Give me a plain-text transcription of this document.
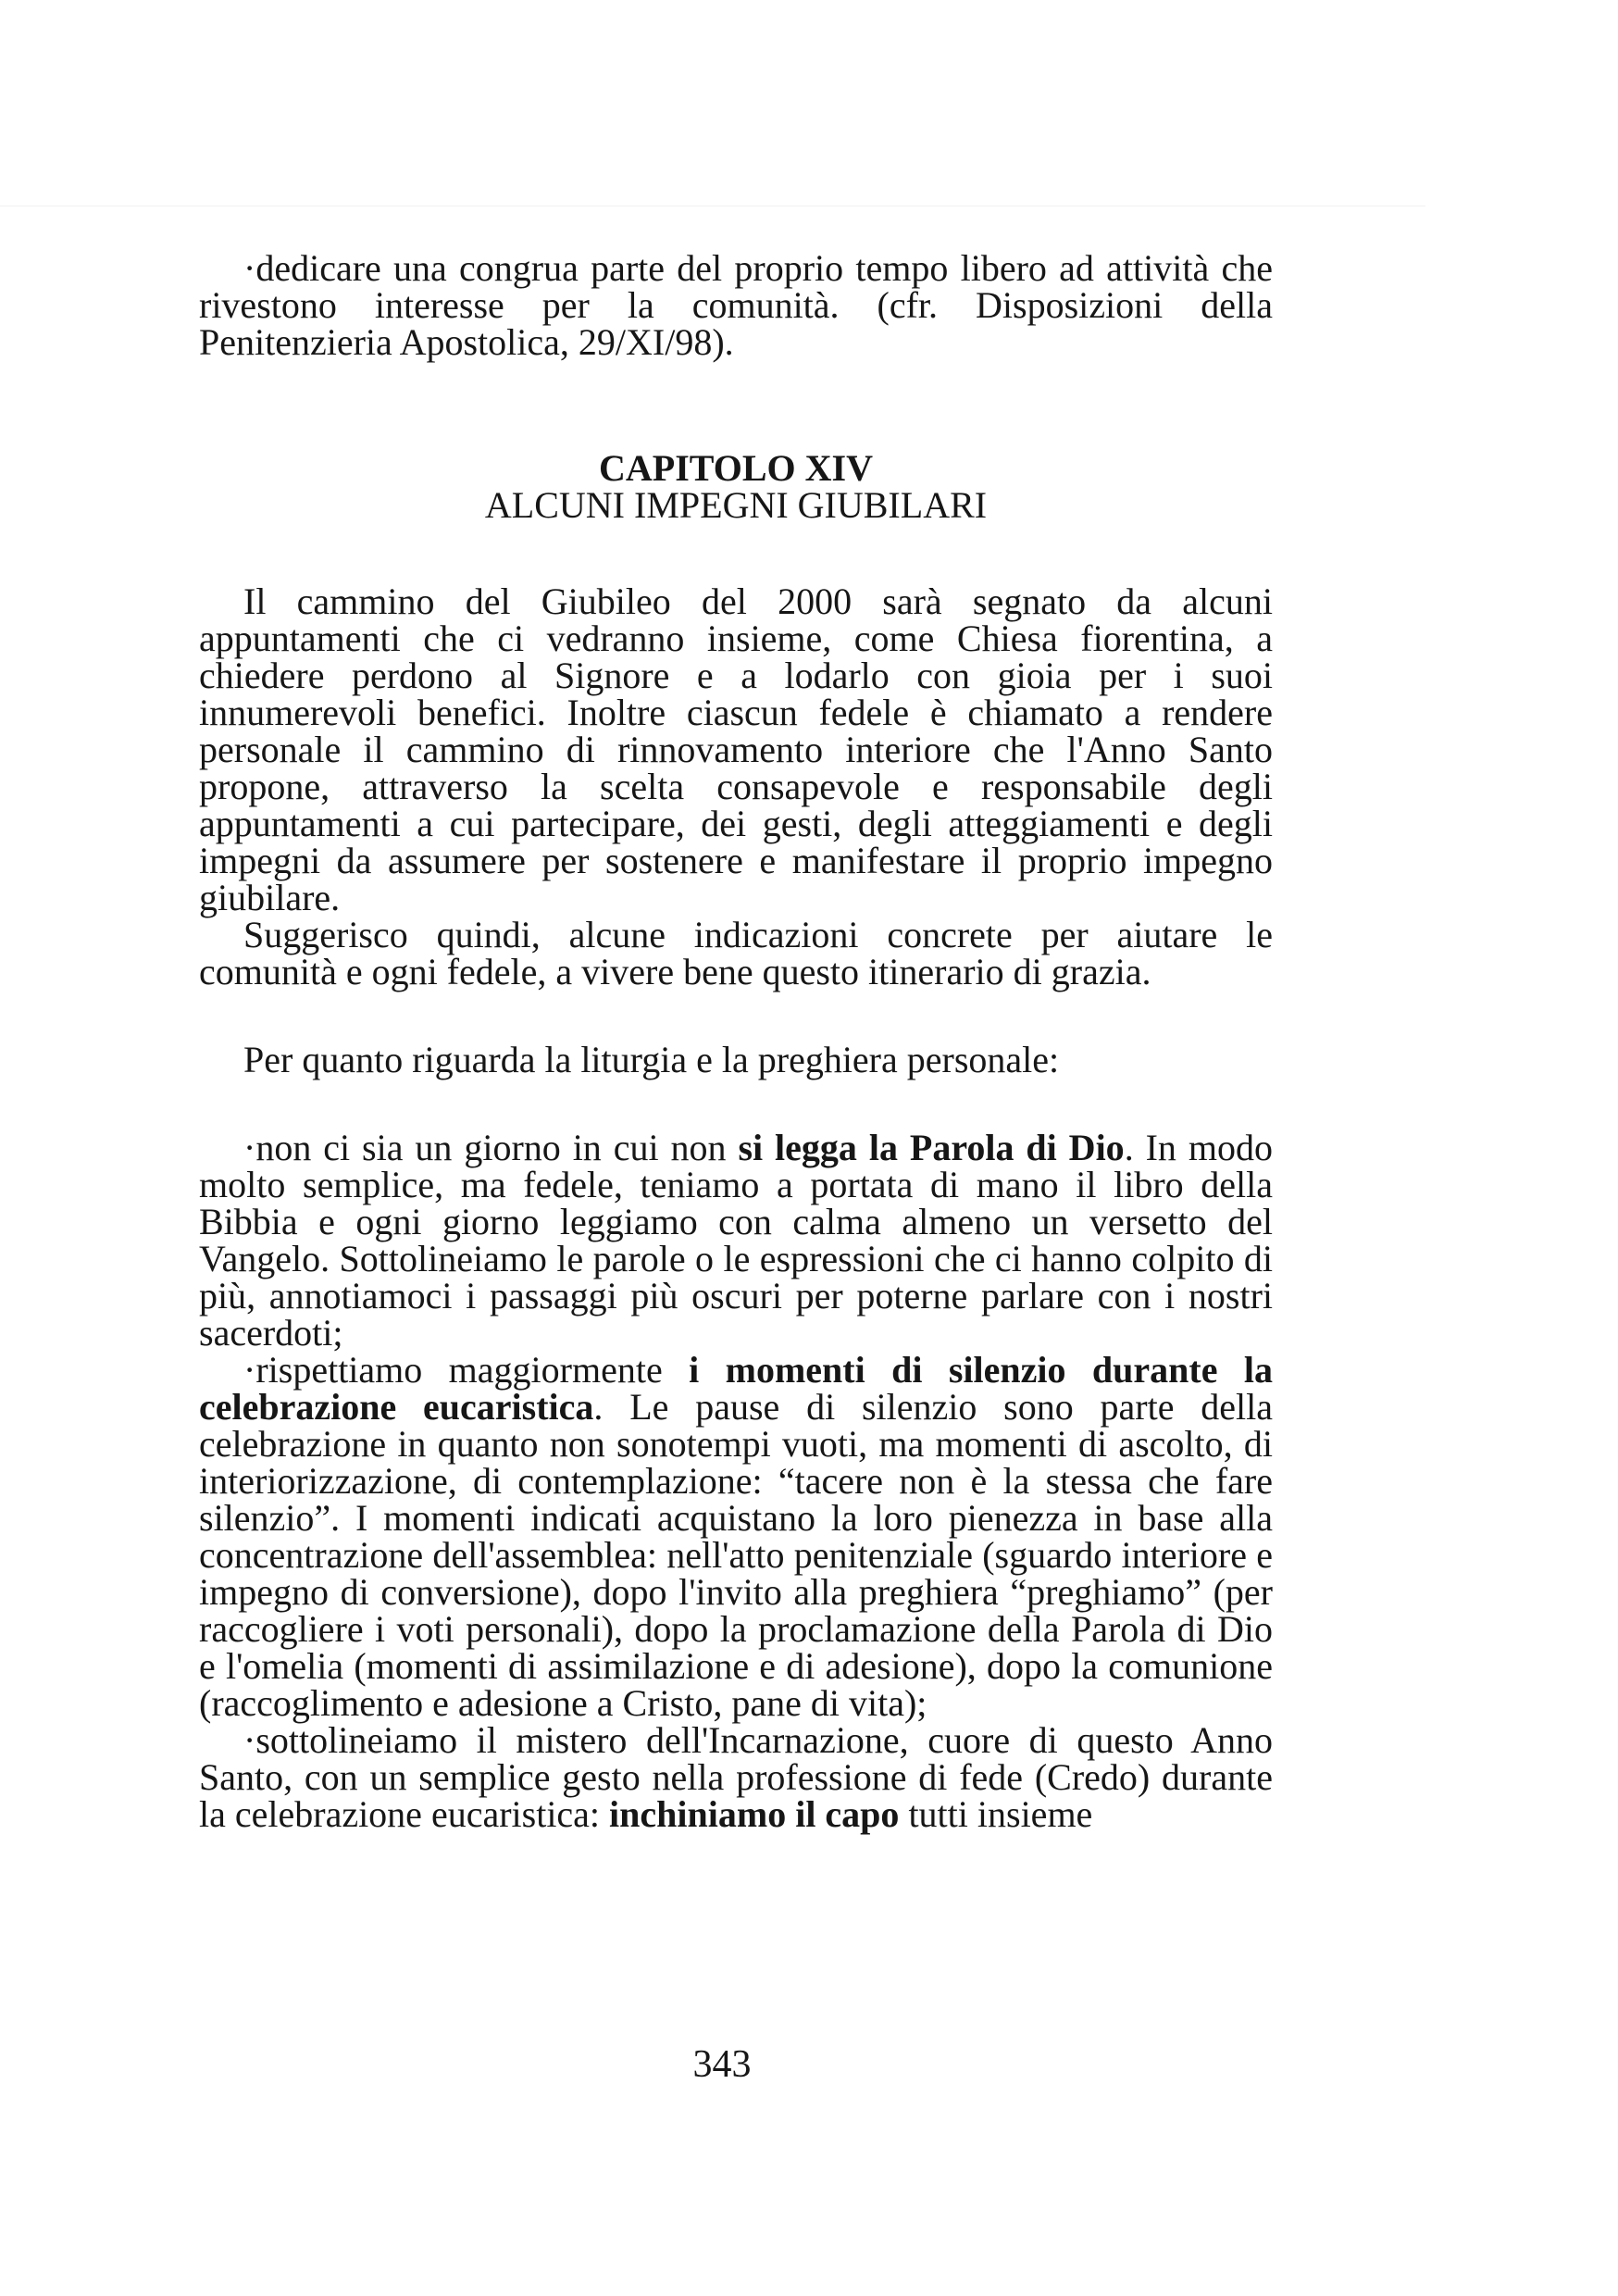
·dedicare una congrua parte del proprio tempo libero ad attività che rivestono interesse per la comunità. (cfr. Disposizioni della Penitenzieria Apostolica, 29/XI/98).

CAPITOLO XIV
ALCUNI IMPEGNI GIUBILARI

Il cammino del Giubileo del 2000 sarà segnato da alcuni appuntamenti che ci vedranno insieme, come Chiesa fiorentina, a chiedere perdono al Signore e a lodarlo con gioia per i suoi innumerevoli benefici. Inoltre ciascun fedele è chiamato a rendere personale il cammino di rinnovamento interiore che l'Anno Santo propone, attraverso la scelta consapevole e responsabile degli appuntamenti a cui partecipare, dei gesti, degli atteggiamenti e degli impegni da assumere per sostenere e manifestare il proprio impegno giubilare.

Suggerisco quindi, alcune indicazioni concrete per aiutare le comunità e ogni fedele, a vivere bene questo itinerario di grazia.

Per quanto riguarda la liturgia e la preghiera personale:

·non ci sia un giorno in cui non si legga la Parola di Dio. In modo molto semplice, ma fedele, teniamo a portata di mano il libro della Bibbia e ogni giorno leggiamo con calma almeno un versetto del Vangelo. Sottolineiamo le parole o le espressioni che ci hanno colpito di più, annotiamoci i passaggi più oscuri per poterne parlare con i nostri sacerdoti;

·rispettiamo maggiormente i momenti di silenzio durante la celebrazione eucaristica. Le pause di silenzio sono parte della celebrazione in quanto non sonotempi vuoti, ma momenti di ascolto, di interiorizzazione, di contemplazione: “tacere non è la stessa che fare silenzio”. I momenti indicati acquistano la loro pienezza in base alla concentrazione dell'assemblea: nell'atto penitenziale (sguardo interiore e impegno di conversione), dopo l'invito alla preghiera “preghiamo” (per raccogliere i voti personali), dopo la proclamazione della Parola di Dio e l'omelia (momenti di assimilazione e di adesione), dopo la comunione (raccoglimento e adesione a Cristo, pane di vita);

·sottolineiamo il mistero dell'Incarnazione, cuore di questo Anno Santo, con un semplice gesto nella professione di fede (Credo) durante la celebrazione eucaristica: inchiniamo il capo tutti insieme

343
